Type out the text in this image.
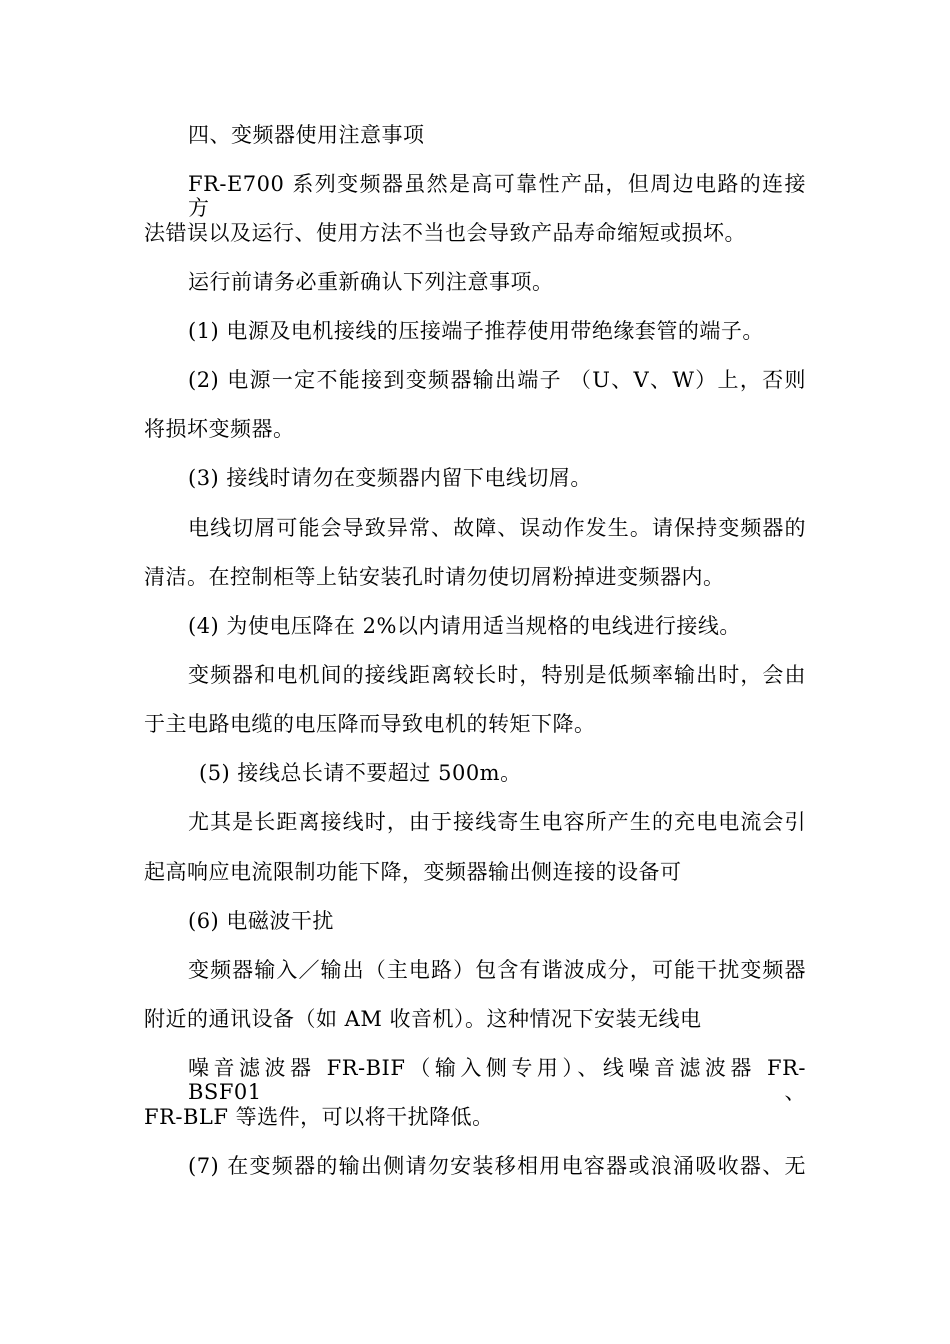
四、变频器使用注意事项
FR-E700 系列变频器虽然是高可靠性产品，但周边电路的连接方
法错误以及运行、使用方法不当也会导致产品寿命缩短或损坏。
运行前请务必重新确认下列注意事项。
(1) 电源及电机接线的压接端子推荐使用带绝缘套管的端子。
(2) 电源一定不能接到变频器输出端子 （U、V、W）上，否则
将损坏变频器。
(3) 接线时请勿在变频器内留下电线切屑。
电线切屑可能会导致异常、故障、误动作发生。请保持变频器的
清洁。在控制柜等上钻安装孔时请勿使切屑粉掉进变频器内。
(4) 为使电压降在 2%以内请用适当规格的电线进行接线。
变频器和电机间的接线距离较长时，特别是低频率输出时，会由
于主电路电缆的电压降而导致电机的转矩下降。
(5) 接线总长请不要超过 500m。
尤其是长距离接线时，由于接线寄生电容所产生的充电电流会引
起高响应电流限制功能下降，变频器输出侧连接的设备可
(6) 电磁波干扰
变频器输入／输出（主电路）包含有谐波成分，可能干扰变频器
附近的通讯设备（如 AM 收音机）。这种情况下安装无线电
噪音滤波器 FR-BIF（输入侧专用）、线噪音滤波器 FR-BSF01、
FR-BLF 等选件，可以将干扰降低。
(7) 在变频器的输出侧请勿安装移相用电容器或浪涌吸收器、无
